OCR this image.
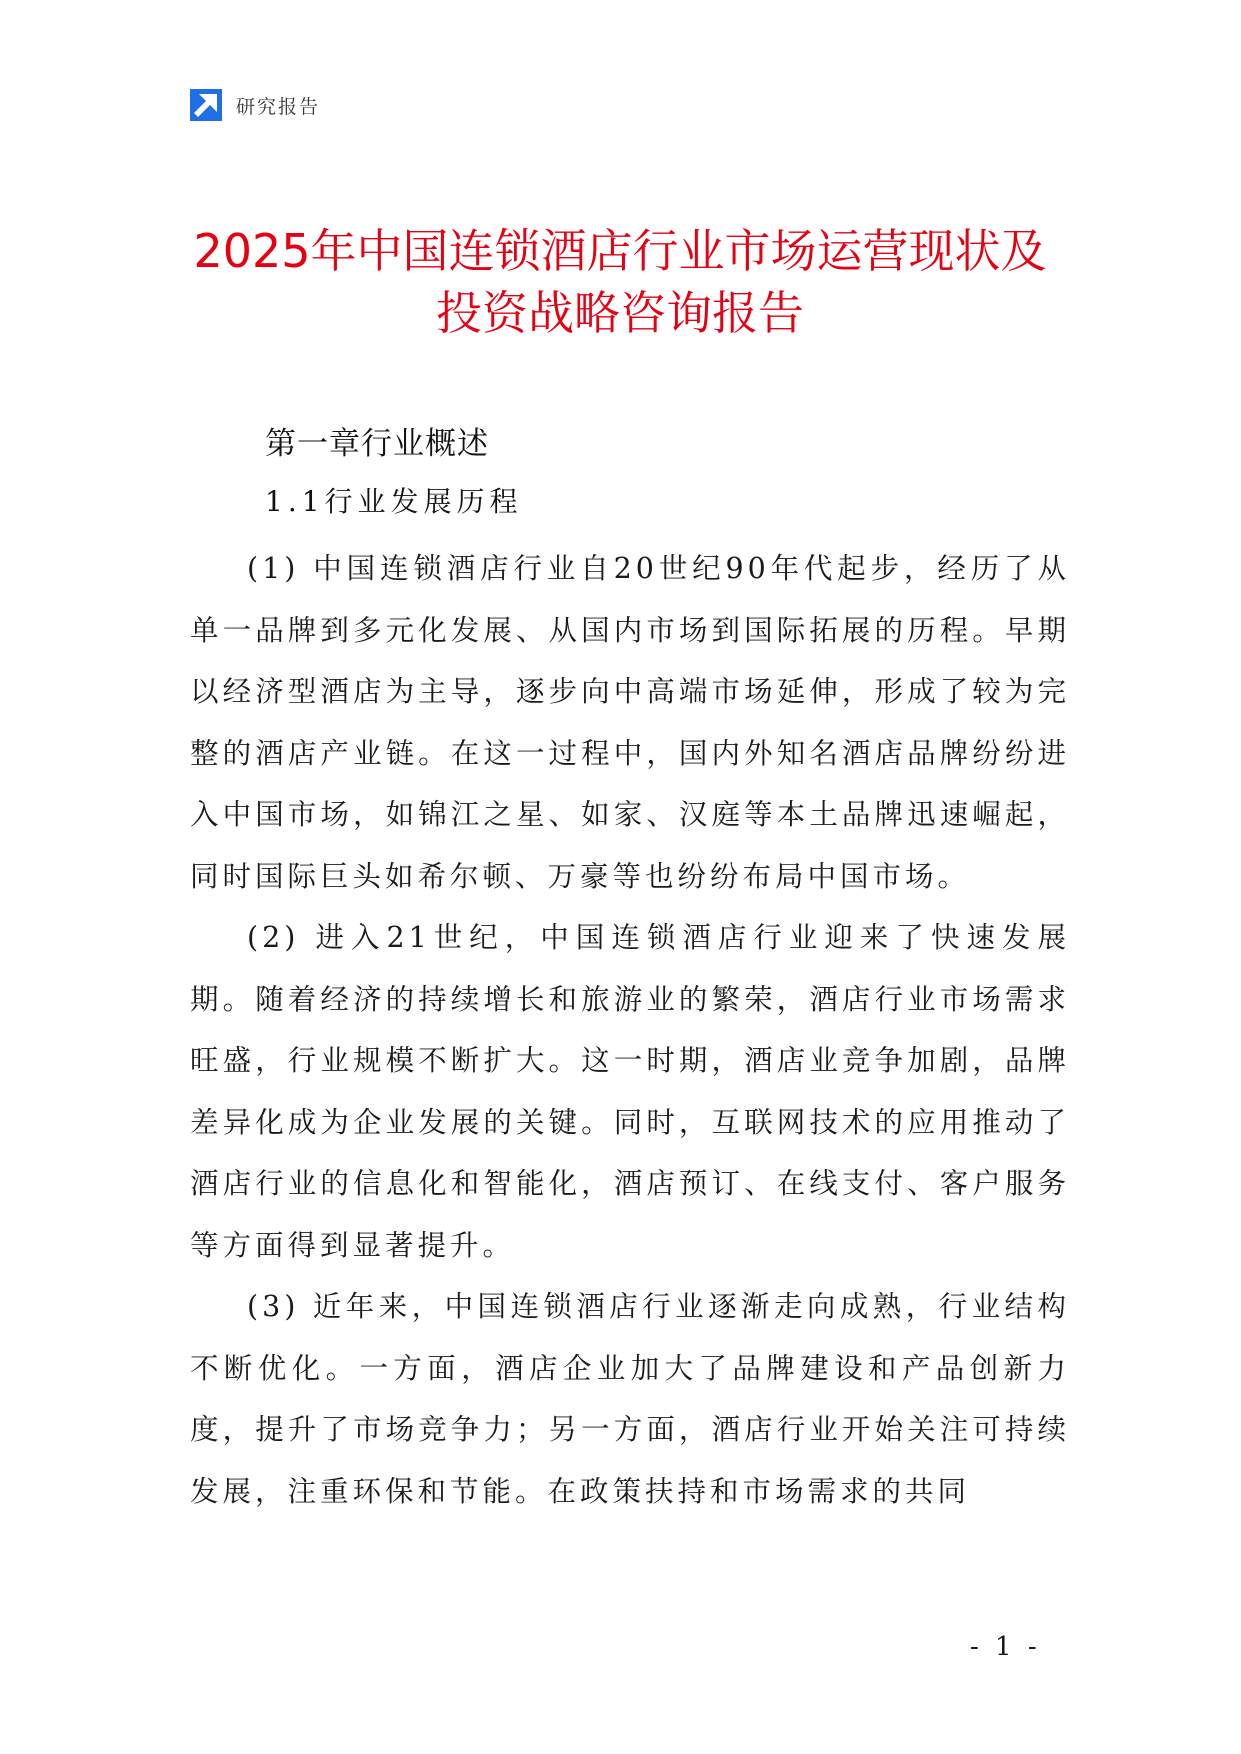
研究报告
2025年中国连锁酒店行业市场运营现状及
投资战略咨询报告
第一章行业概述
1.1行业发展历程

(1) 中国连锁酒店行业自20世纪90年代起步，经历了从单一品牌到多元化发展、从国内市场到国际拓展的历程。早期以经济型酒店为主导，逐步向中高端市场延伸，形成了较为完整的酒店产业链。在这一过程中，国内外知名酒店品牌纷纷进入中国市场，如锦江之星、如家、汉庭等本土品牌迅速崛起，同时国际巨头如希尔顿、万豪等也纷纷布局中国市场。

(2) 进入21世纪，中国连锁酒店行业迎来了快速发展期。随着经济的持续增长和旅游业的繁荣，酒店行业市场需求旺盛，行业规模不断扩大。这一时期，酒店业竞争加剧，品牌差异化成为企业发展的关键。同时，互联网技术的应用推动了酒店行业的信息化和智能化，酒店预订、在线支付、客户服务等方面得到显著提升。

(3) 近年来，中国连锁酒店行业逐渐走向成熟，行业结构不断优化。一方面，酒店企业加大了品牌建设和产品创新力度，提升了市场竞争力；另一方面，酒店行业开始关注可持续发展，注重环保和节能。在政策扶持和市场需求的共同

- 1 -
